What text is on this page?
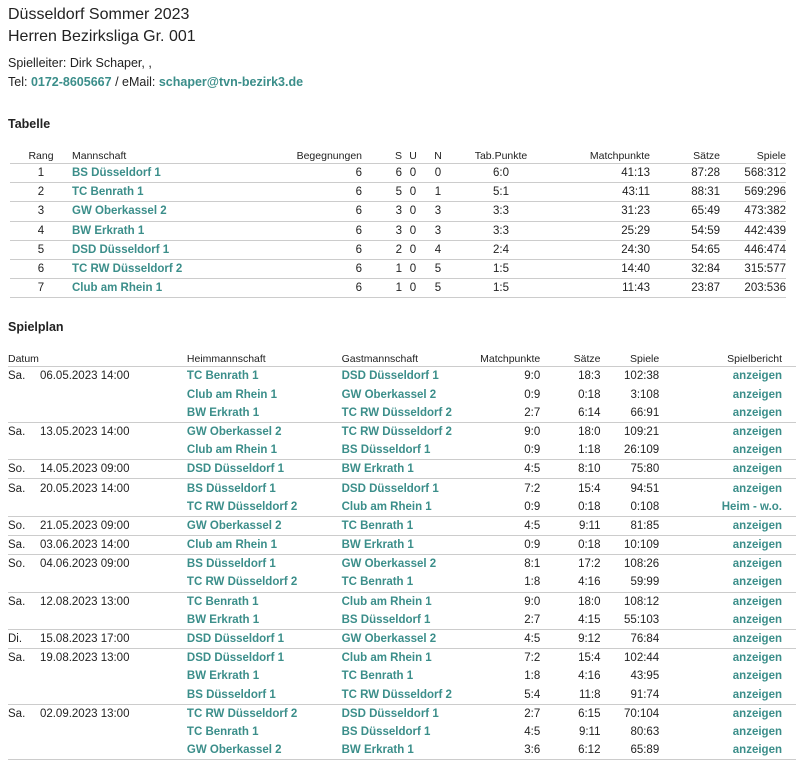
Düsseldorf Sommer 2023
Herren Bezirksliga Gr. 001
Spielleiter: Dirk Schaper, ,
Tel: 0172-8605667 / eMail: schaper@tvn-bezirk3.de
Tabelle
Rang	Mannschaft	Begegnungen	S	U	N	Tab.Punkte	Matchpunkte	Sätze	Spiele
1	BS Düsseldorf 1	6	6	0	0	6:0	41:13	87:28	568:312
2	TC Benrath 1	6	5	0	1	5:1	43:11	88:31	569:296
3	GW Oberkassel 2	6	3	0	3	3:3	31:23	65:49	473:382
4	BW Erkrath 1	6	3	0	3	3:3	25:29	54:59	442:439
5	DSD Düsseldorf 1	6	2	0	4	2:4	24:30	54:65	446:474
6	TC RW Düsseldorf 2	6	1	0	5	1:5	14:40	32:84	315:577
7	Club am Rhein 1	6	1	0	5	1:5	11:43	23:87	203:536
Spielplan
Datum		Heimmannschaft	Gastmannschaft	Matchpunkte	Sätze	Spiele	Spielbericht
Sa.	06.05.2023 14:00	TC Benrath 1	DSD Düsseldorf 1	9:0	18:3	102:38	anzeigen
		Club am Rhein 1	GW Oberkassel 2	0:9	0:18	3:108	anzeigen
		BW Erkrath 1	TC RW Düsseldorf 2	2:7	6:14	66:91	anzeigen
Sa.	13.05.2023 14:00	GW Oberkassel 2	TC RW Düsseldorf 2	9:0	18:0	109:21	anzeigen
		Club am Rhein 1	BS Düsseldorf 1	0:9	1:18	26:109	anzeigen
So.	14.05.2023 09:00	DSD Düsseldorf 1	BW Erkrath 1	4:5	8:10	75:80	anzeigen
Sa.	20.05.2023 14:00	BS Düsseldorf 1	DSD Düsseldorf 1	7:2	15:4	94:51	anzeigen
		TC RW Düsseldorf 2	Club am Rhein 1	0:9	0:18	0:108	Heim - w.o.
So.	21.05.2023 09:00	GW Oberkassel 2	TC Benrath 1	4:5	9:11	81:85	anzeigen
Sa.	03.06.2023 14:00	Club am Rhein 1	BW Erkrath 1	0:9	0:18	10:109	anzeigen
So.	04.06.2023 09:00	BS Düsseldorf 1	GW Oberkassel 2	8:1	17:2	108:26	anzeigen
		TC RW Düsseldorf 2	TC Benrath 1	1:8	4:16	59:99	anzeigen
Sa.	12.08.2023 13:00	TC Benrath 1	Club am Rhein 1	9:0	18:0	108:12	anzeigen
		BW Erkrath 1	BS Düsseldorf 1	2:7	4:15	55:103	anzeigen
Di.	15.08.2023 17:00	DSD Düsseldorf 1	GW Oberkassel 2	4:5	9:12	76:84	anzeigen
Sa.	19.08.2023 13:00	DSD Düsseldorf 1	Club am Rhein 1	7:2	15:4	102:44	anzeigen
		BW Erkrath 1	TC Benrath 1	1:8	4:16	43:95	anzeigen
		BS Düsseldorf 1	TC RW Düsseldorf 2	5:4	11:8	91:74	anzeigen
Sa.	02.09.2023 13:00	TC RW Düsseldorf 2	DSD Düsseldorf 1	2:7	6:15	70:104	anzeigen
		TC Benrath 1	BS Düsseldorf 1	4:5	9:11	80:63	anzeigen
		GW Oberkassel 2	BW Erkrath 1	3:6	6:12	65:89	anzeigen
